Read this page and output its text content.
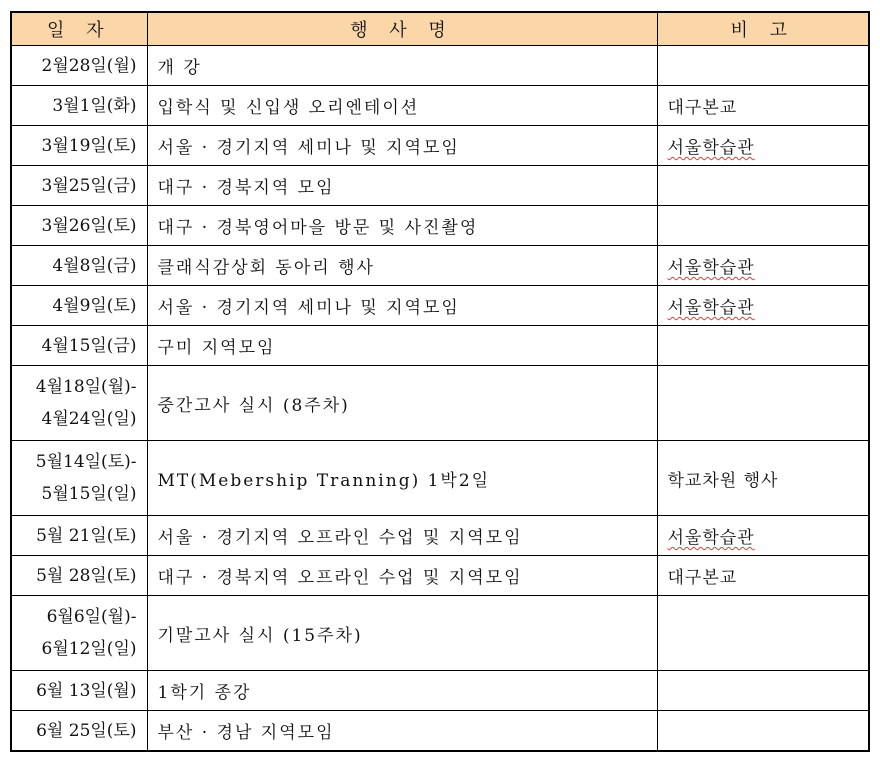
일 자	행 사 명	비 고

2월28일(월)	개 강	

3월1일(화)	입학식 및 신입생 오리엔테이션	대구본교

3월19일(토)	서울 · 경기지역 세미나 및 지역모임	서울학습관

3월25일(금)	대구 · 경북지역 모임	

3월26일(토)	대구 · 경북영어마을 방문 및 사진촬영	

4월8일(금)	클래식감상회 동아리 행사	서울학습관

4월9일(토)	서울 · 경기지역 세미나 및 지역모임	서울학습관

4월15일(금)	구미 지역모임	

4월18일(월)-
4월24일(일)	중간고사 실시 (8주차)	

5월14일(토)-
5월15일(일)	MT(Mebership Tranning) 1박2일	학교차원 행사

5월 21일(토)	서울 · 경기지역 오프라인 수업 및 지역모임	서울학습관

5월 28일(토)	대구 · 경북지역 오프라인 수업 및 지역모임	대구본교

6월6일(월)-
6월12일(일)	기말고사 실시 (15주차)	

6월 13일(월)	1학기 종강	

6월 25일(토)	부산 · 경남 지역모임	
